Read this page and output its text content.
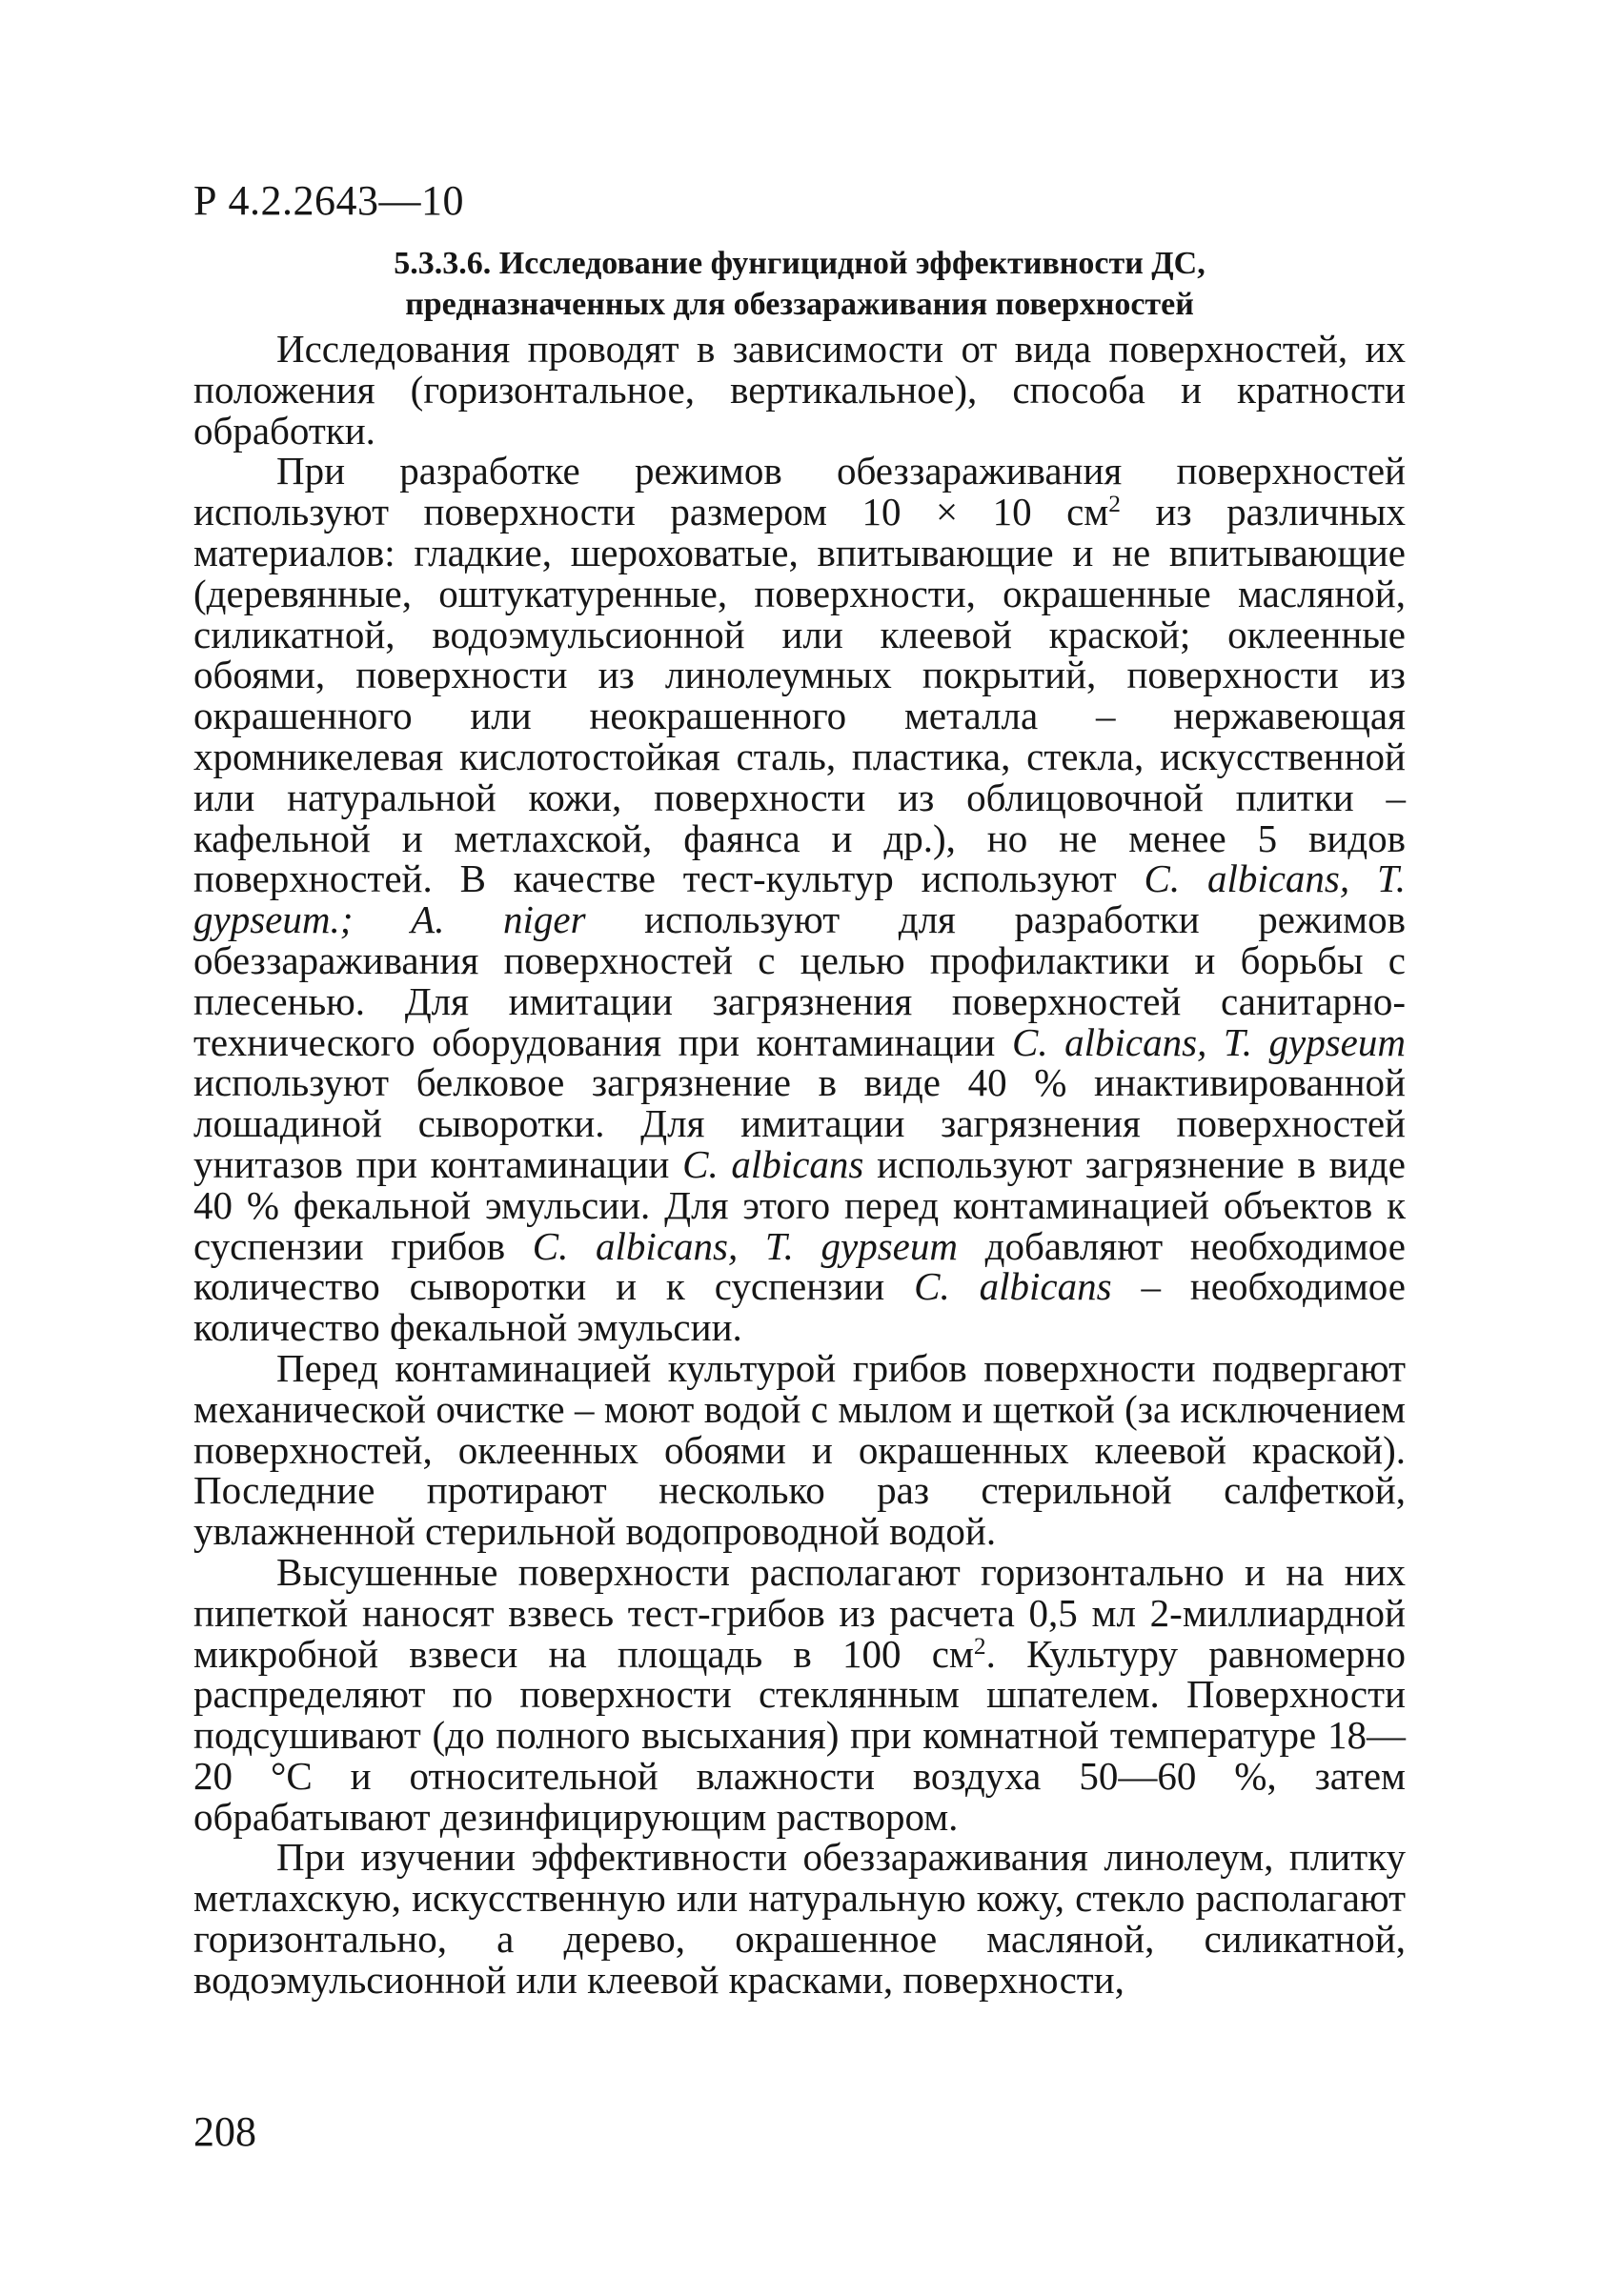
Р 4.2.2643—10
5.3.3.6. Исследование фунгицидной эффективности ДС,
предназначенных для обеззараживания поверхностей

Исследования проводят в зависимости от вида поверхностей, их положения (горизонтальное, вертикальное), способа и кратности обработки.

При разработке режимов обеззараживания поверхностей используют поверхности размером 10 × 10 $см^2$ из различных материалов: гладкие, шероховатые, впитывающие и не впитывающие (деревянные, оштукатуренные, поверхности, окрашенные масляной, силикатной, водоэмульсионной или клеевой краской; оклеенные обоями, поверхности из линолеумных покрытий, поверхности из окрашенного или неокрашенного металла – нержавеющая хромникелевая кислотостойкая сталь, пластика, стекла, искусственной или натуральной кожи, поверхности из облицовочной плитки – кафельной и метлахской, фаянса и др.), но не менее 5 видов поверхностей. В качестве тест-культур используют C. albicans, T. gypseum.; A. niger используют для разработки режимов обеззараживания поверхностей с целью профилактики и борьбы с плесенью. Для имитации загрязнения поверхностей санитарно-технического оборудования при контаминации C. albicans, T. gypseum используют белковое загрязнение в виде 40 % инактивированной лошадиной сыворотки. Для имитации загрязнения поверхностей унитазов при контаминации C. albicans используют загрязнение в виде 40 % фекальной эмульсии. Для этого перед контаминацией объектов к суспензии грибов C. albicans, T. gypseum добавляют необходимое количество сыворотки и к суспензии C. albicans – необходимое количество фекальной эмульсии.

Перед контаминацией культурой грибов поверхности подвергают механической очистке – моют водой с мылом и щеткой (за исключением поверхностей, оклеенных обоями и окрашенных клеевой краской). Последние протирают несколько раз стерильной салфеткой, увлажненной стерильной водопроводной водой.

Высушенные поверхности располагают горизонтально и на них пипеткой наносят взвесь тест-грибов из расчета 0,5 мл 2-миллиардной микробной взвеси на площадь в 100 $см^2$. Культуру равномерно распределяют по поверхности стеклянным шпателем. Поверхности подсушивают (до полного высыхания) при комнатной температуре 18—20 °С и относительной влажности воздуха 50—60 %, затем обрабатывают дезинфицирующим раствором.

При изучении эффективности обеззараживания линолеум, плитку метлахскую, искусственную или натуральную кожу, стекло располагают горизонтально, а дерево, окрашенное масляной, силикатной, водоэмульсионной или клеевой красками, поверхности,

208
